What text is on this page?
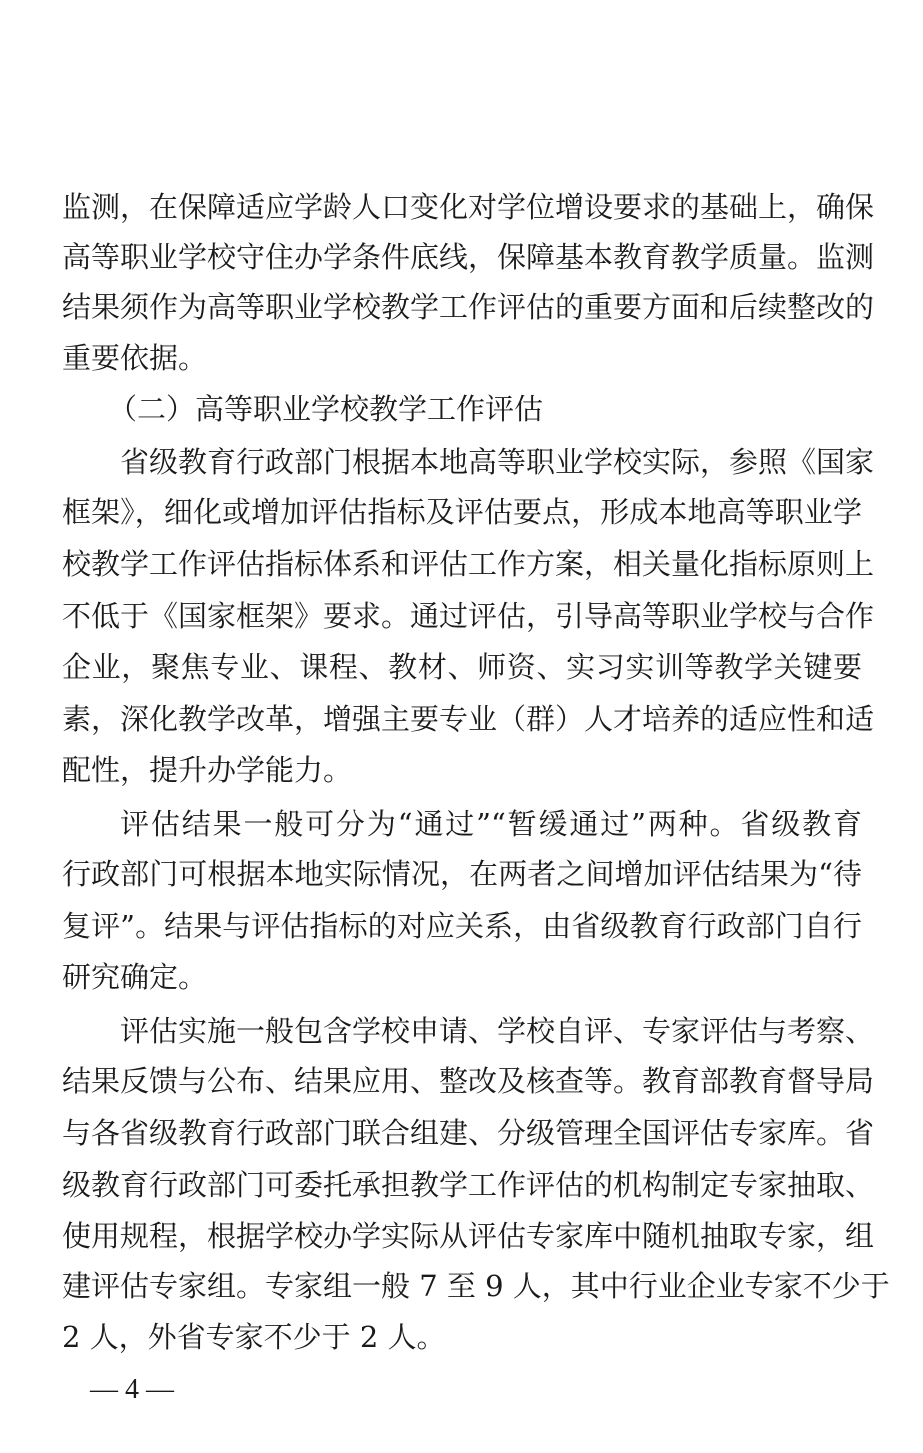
监测，在保障适应学龄人口变化对学位增设要求的基础上，确保
高等职业学校守住办学条件底线，保障基本教育教学质量。监测
结果须作为高等职业学校教学工作评估的重要方面和后续整改的
重要依据。
（二）高等职业学校教学工作评估
省级教育行政部门根据本地高等职业学校实际，参照《国家
框架》，细化或增加评估指标及评估要点，形成本地高等职业学
校教学工作评估指标体系和评估工作方案，相关量化指标原则上
不低于《国家框架》要求。通过评估，引导高等职业学校与合作
企业，聚焦专业、课程、教材、师资、实习实训等教学关键要
素，深化教学改革，增强主要专业（群）人才培养的适应性和适
配性，提升办学能力。
评估结果一般可分为“通过”“暂缓通过”两种。省级教育
行政部门可根据本地实际情况，在两者之间增加评估结果为“待
复评”。结果与评估指标的对应关系，由省级教育行政部门自行
研究确定。
评估实施一般包含学校申请、学校自评、专家评估与考察、
结果反馈与公布、结果应用、整改及核查等。教育部教育督导局
与各省级教育行政部门联合组建、分级管理全国评估专家库。省
级教育行政部门可委托承担教学工作评估的机构制定专家抽取、
使用规程，根据学校办学实际从评估专家库中随机抽取专家，组
建评估专家组。专家组一般 7 至 9 人，其中行业企业专家不少于
2 人，外省专家不少于 2 人。
— 4 —
